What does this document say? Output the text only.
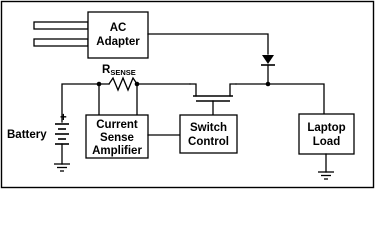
AC
Adapter
RSENSE
Current
Sense
Amplifier
Switch
Control
Laptop
Load
+
Battery
